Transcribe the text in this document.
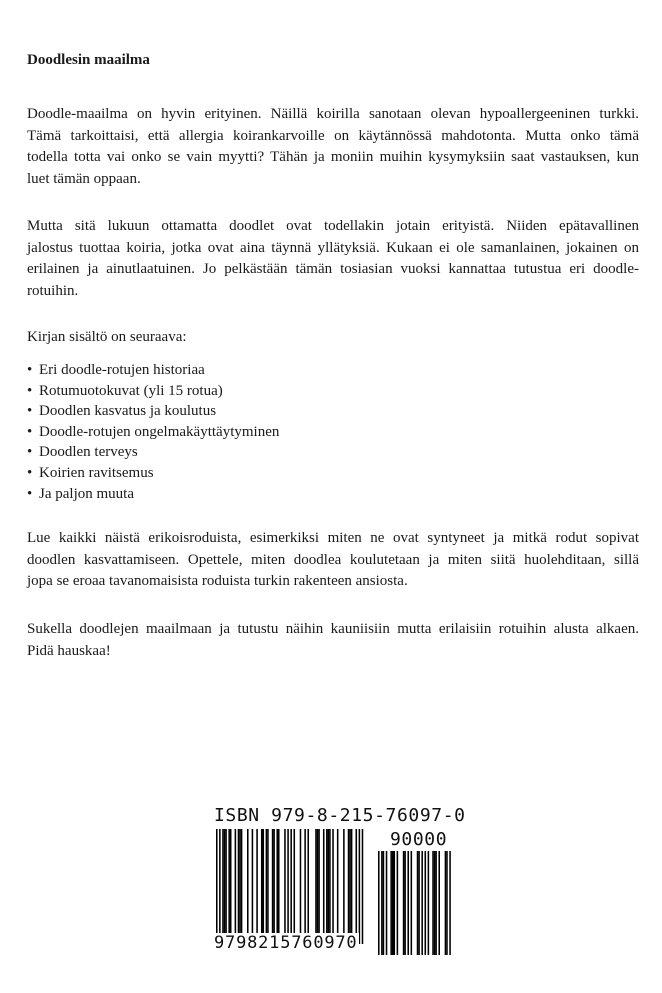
Doodlesin maailma
Doodle-maailma on hyvin erityinen. Näillä koirilla sanotaan olevan hypoallergeeninen turkki.
Tämä tarkoittaisi, että allergia koirankarvoille on käytännössä mahdotonta. Mutta onko tämä
todella totta vai onko se vain myytti? Tähän ja moniin muihin kysymyksiin saat vastauksen, kun
luet tämän oppaan.
Mutta sitä lukuun ottamatta doodlet ovat todellakin jotain erityistä. Niiden epätavallinen
jalostus tuottaa koiria, jotka ovat aina täynnä yllätyksiä. Kukaan ei ole samanlainen, jokainen on
erilainen ja ainutlaatuinen. Jo pelkästään tämän tosiasian vuoksi kannattaa tutustua eri doodle-
rotuihin.
Kirjan sisältö on seuraava:
• Eri doodle-rotujen historiaa
• Rotumuotokuvat (yli 15 rotua)
• Doodlen kasvatus ja koulutus
• Doodle-rotujen ongelmakäyttäytyminen
• Doodlen terveys
• Koirien ravitsemus
• Ja paljon muuta
Lue kaikki näistä erikoisroduista, esimerkiksi miten ne ovat syntyneet ja mitkä rodut sopivat
doodlen kasvattamiseen. Opettele, miten doodlea koulutetaan ja miten siitä huolehditaan, sillä
jopa se eroaa tavanomaisista roduista turkin rakenteen ansiosta.
Sukella doodlejen maailmaan ja tutustu näihin kauniisiin mutta erilaisiin rotuihin alusta alkaen.
Pidä hauskaa!
ISBN 979-8-215-76097-0
90000
9798215760970
